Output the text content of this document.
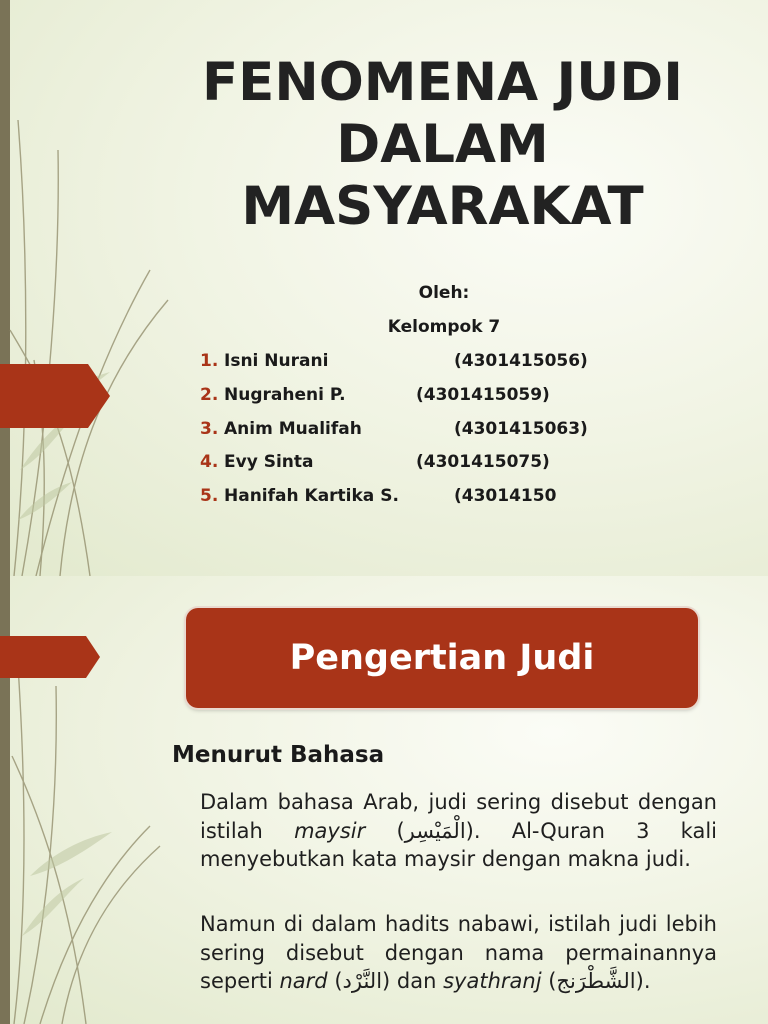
FENOMENA JUDI
DALAM
MASYARAKAT

Oleh:

Kelompok 7

1. Isni Nurani	(4301415056)
2. Nugraheni P.	(4301415059)
3. Anim Mualifah	(4301415063)
4. Evy Sinta	(4301415075)
5. Hanifah Kartika S.	(43014150
Pengertian Judi
Menurut Bahasa

Dalam bahasa Arab, judi sering disebut dengan istilah maysir (الْمَيْسِر). Al-Quran 3 kali menyebutkan kata maysir dengan makna judi.

Namun di dalam hadits nabawi, istilah judi lebih sering disebut dengan nama permainannya seperti nard (النَّرْد) dan syathranj (الشَّطْرَنج).
